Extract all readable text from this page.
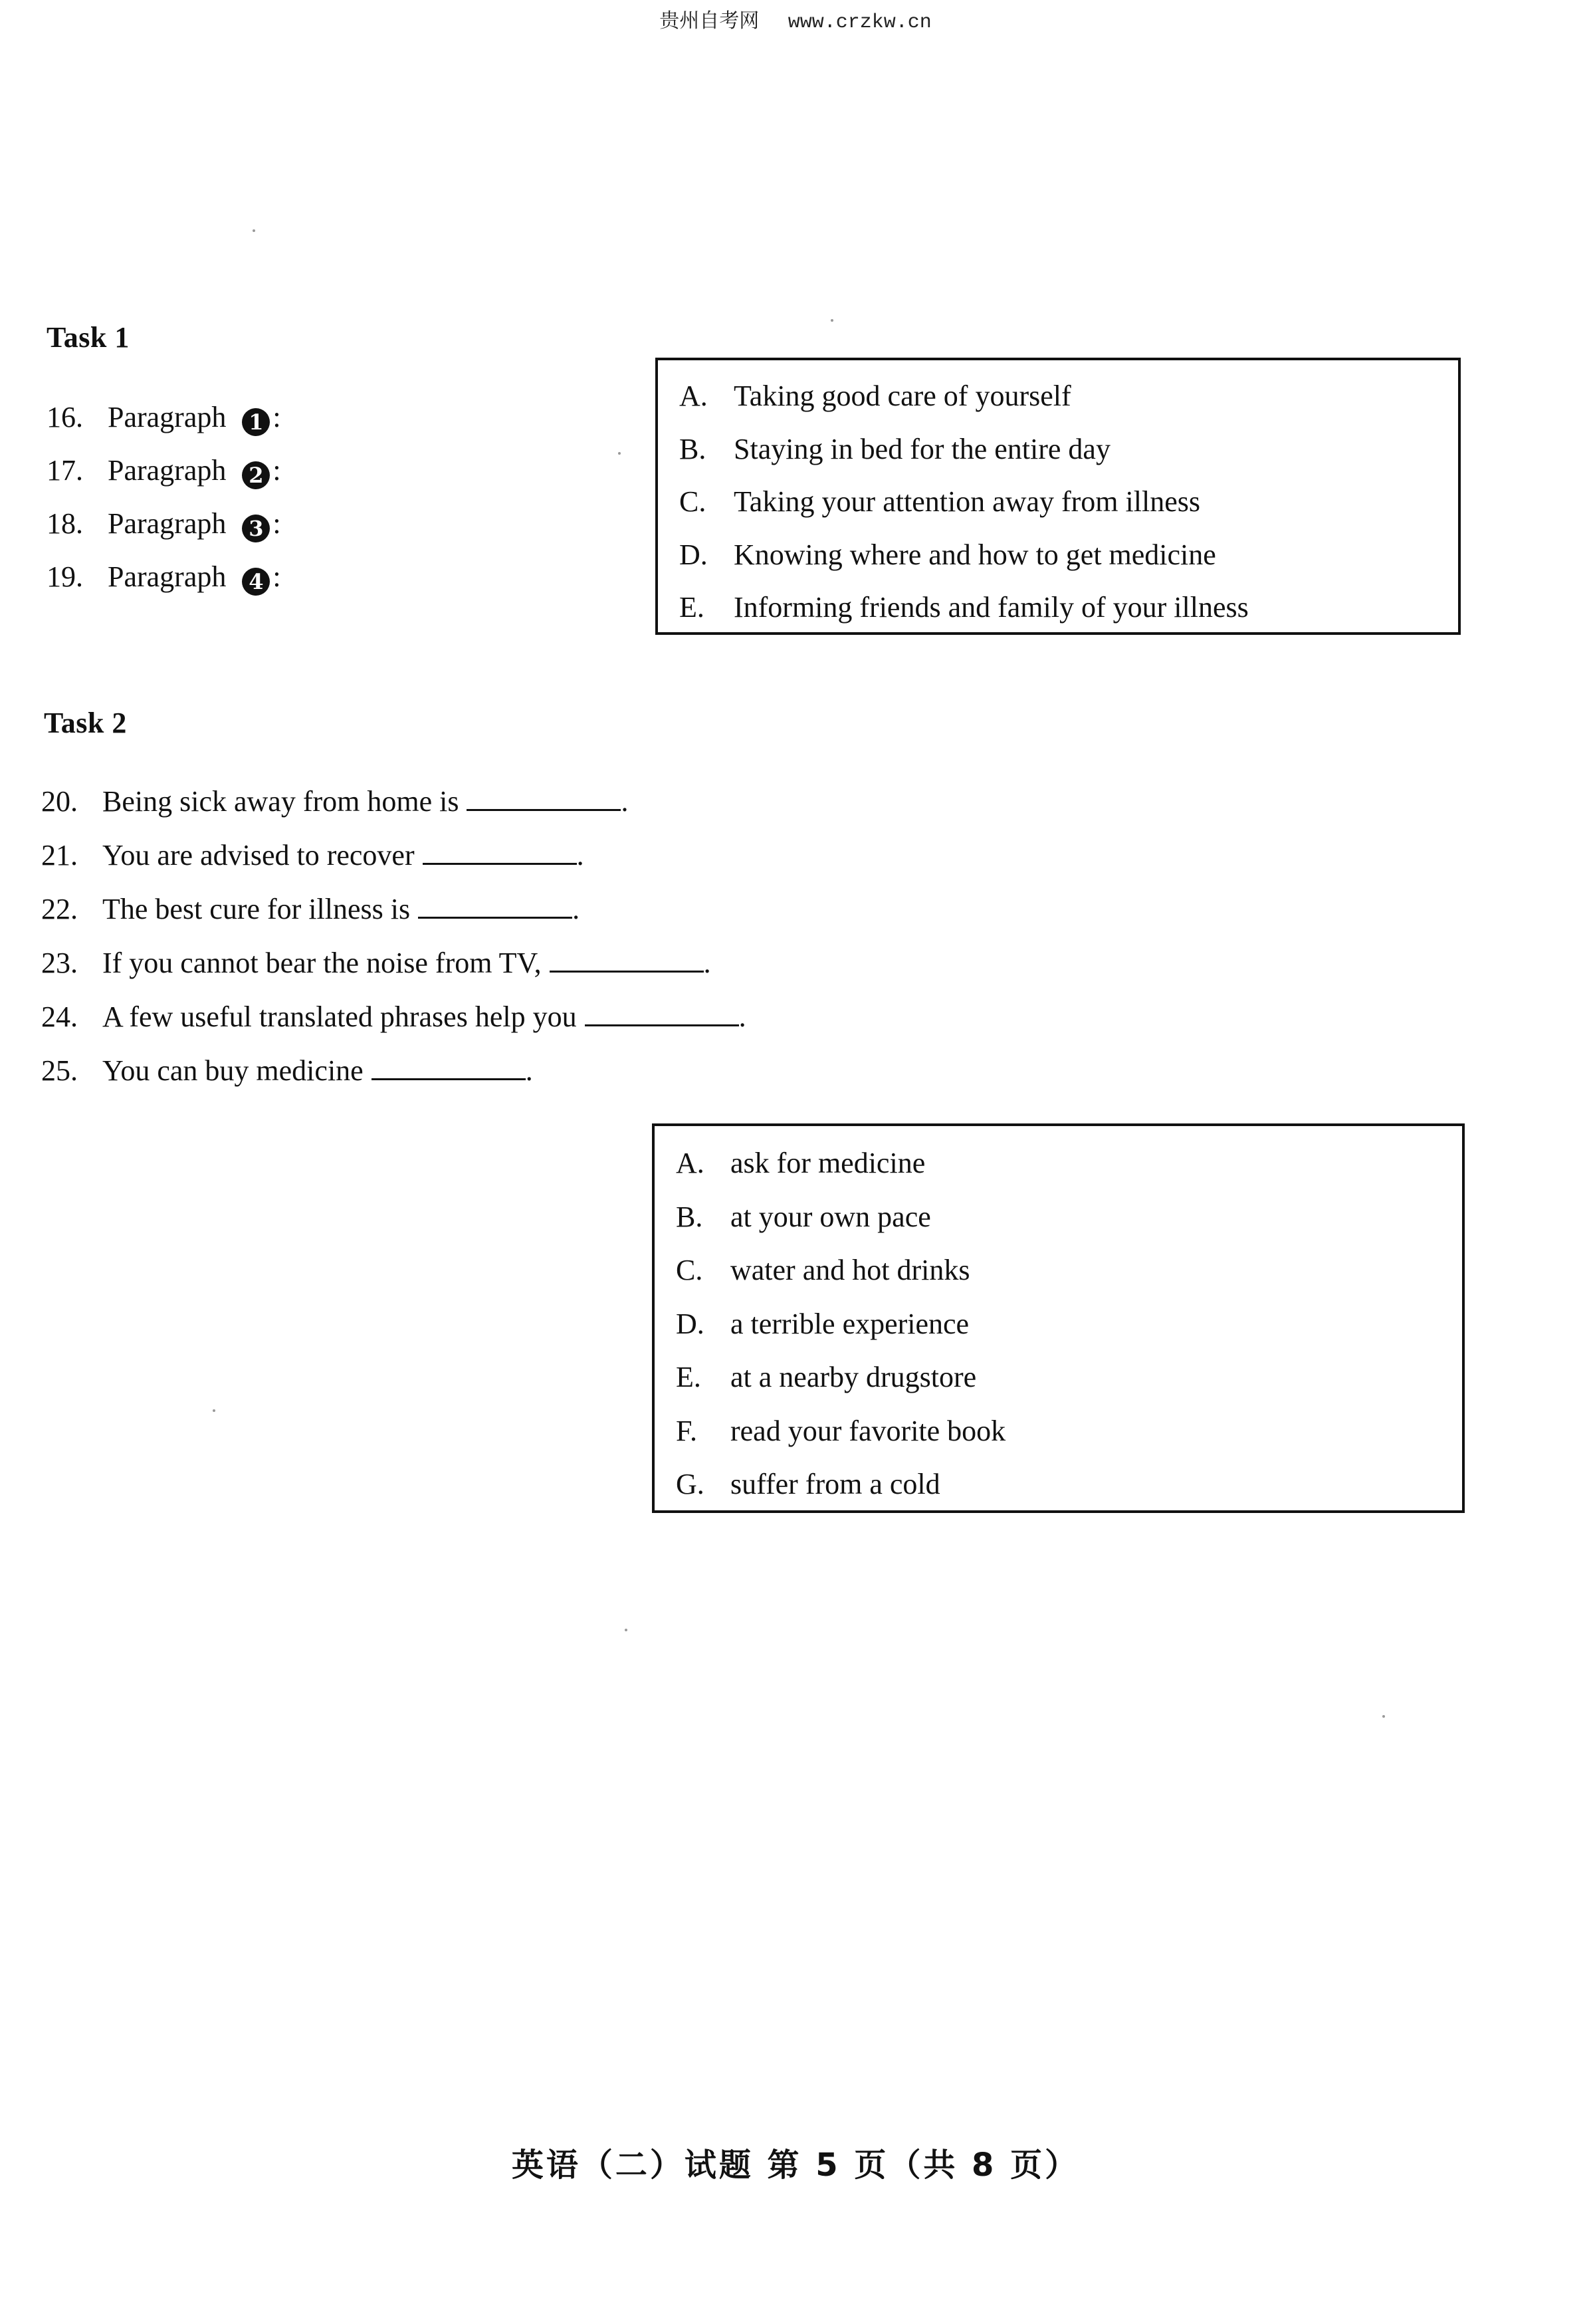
贵州自考网 www.crzkw.cn
Task 1
16. Paragraph 1 :
17. Paragraph 2 :
18. Paragraph 3 :
19. Paragraph 4 :
A. Taking good care of yourself
B. Staying in bed for the entire day
C. Taking your attention away from illness
D. Knowing where and how to get medicine
E. Informing friends and family of your illness
Task 2
20. Being sick away from home is	.
21. You are advised to recover	.
22. The best cure for illness is	.
23. If you cannot bear the noise from TV,	.
24. A few useful translated phrases help you	.
25. You can buy medicine	.
A. ask for medicine
B. at your own pace
C. water and hot drinks
D. a terrible experience
E. at a nearby drugstore
F. read your favorite book
G. suffer from a cold
英语（二）试题 第 5 页（共 8 页）
